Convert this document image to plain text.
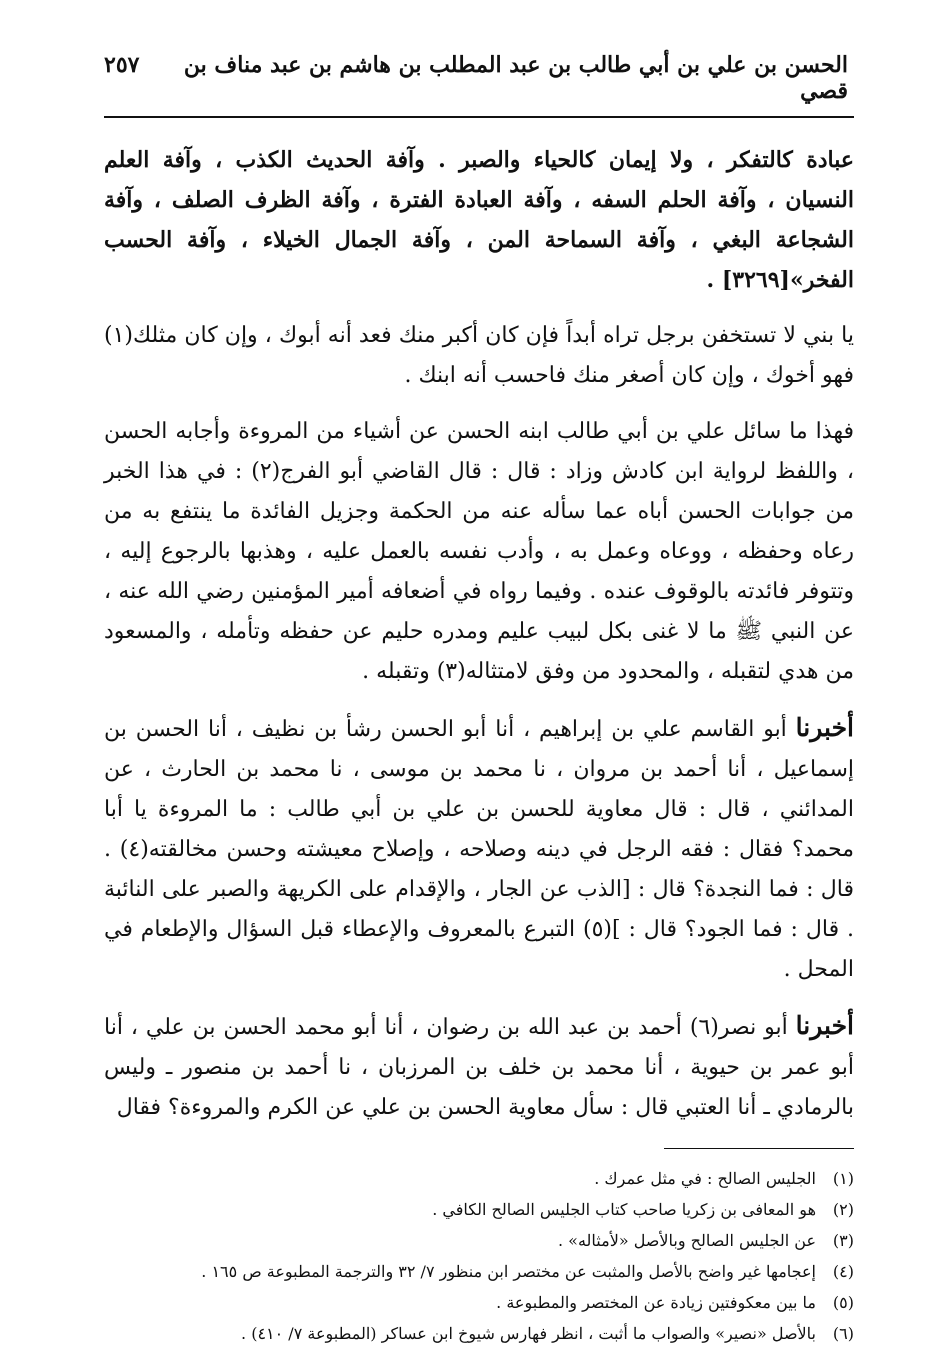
الحسن بن علي بن أبي طالب بن عبد المطلب بن هاشم بن عبد مناف بن قصي
٢٥٧

عبادة كالتفكر ، ولا إيمان كالحياء والصبر . وآفة الحديث الكذب ، وآفة العلم النسيان ، وآفة الحلم السفه ، وآفة العبادة الفترة ، وآفة الظرف الصلف ، وآفة الشجاعة البغي ، وآفة السماحة المن ، وآفة الجمال الخيلاء ، وآفة الحسب الفخر»[٣٢٦٩] .

يا بني لا تستخفن برجل تراه أبداً فإن كان أكبر منك فعد أنه أبوك ، وإن كان مثلك(١) فهو أخوك ، وإن كان أصغر منك فاحسب أنه ابنك .

فهذا ما سائل علي بن أبي طالب ابنه الحسن عن أشياء من المروءة وأجابه الحسن ، واللفظ لرواية ابن كادش وزاد : قال : قال القاضي أبو الفرج(٢) : في هذا الخبر من جوابات الحسن أباه عما سأله عنه من الحكمة وجزيل الفائدة ما ينتفع به من رعاه وحفظه ، ووعاه وعمل به ، وأدب نفسه بالعمل عليه ، وهذبها بالرجوع إليه ، وتتوفر فائدته بالوقوف عنده . وفيما رواه في أضعافه أمير المؤمنين رضي الله عنه ، عن النبي ﷺ ما لا غنى بكل لبيب عليم ومدره حليم عن حفظه وتأمله ، والمسعود من هدي لتقبله ، والمحدود من وفق لامتثاله(٣) وتقبله .

أخبرنا أبو القاسم علي بن إبراهيم ، أنا أبو الحسن رشأ بن نظيف ، أنا الحسن بن إسماعيل ، أنا أحمد بن مروان ، نا محمد بن موسى ، نا محمد بن الحارث ، عن المدائني ، قال : قال معاوية للحسن بن علي بن أبي طالب : ما المروءة يا أبا محمد؟ فقال : فقه الرجل في دينه وصلاحه ، وإصلاح معيشته وحسن مخالقته(٤) . قال : فما النجدة؟ قال : [الذب عن الجار ، والإقدام على الكريهة والصبر على النائبة . قال : فما الجود؟ قال : ](٥) التبرع بالمعروف والإعطاء قبل السؤال والإطعام في المحل .

أخبرنا أبو نصر(٦) أحمد بن عبد الله بن رضوان ، أنا أبو محمد الحسن بن علي ، أنا أبو عمر بن حيوية ، أنا محمد بن خلف بن المرزبان ، نا أحمد بن منصور ـ وليس بالرمادي ـ أنا العتبي قال : سأل معاوية الحسن بن علي عن الكرم والمروءة؟ فقال

(١)
الجليس الصالح : في مثل عمرك .
(٢)
هو المعافى بن زكريا صاحب كتاب الجليس الصالح الكافي .
(٣)
عن الجليس الصالح وبالأصل «لأمثاله» .
(٤)
إعجامها غير واضح بالأصل والمثبت عن مختصر ابن منظور ٧/ ٣٢ والترجمة المطبوعة ص ١٦٥ .
(٥)
ما بين معكوفتين زيادة عن المختصر والمطبوعة .
(٦)
بالأصل «نصير» والصواب ما أثبت ، انظر فهارس شيوخ ابن عساكر (المطبوعة ٧/ ٤١٠) .
